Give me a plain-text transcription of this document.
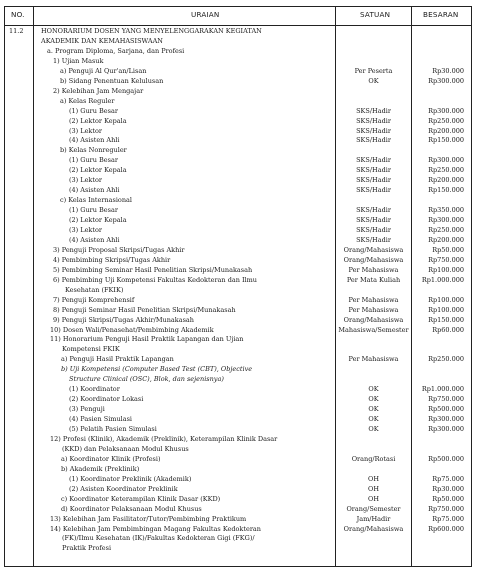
NO.	URAIAN	SATUAN	BESARAN
11.2	HONORARIUM DOSEN YANG MENYELENGGARAKAN KEGIATAN
AKADEMIK DAN KEMAHASISWAAN
a. Program Diploma, Sarjana, dan Profesi
1) Ujian Masuk
a) Penguji Al Qur'an/Lisan	Per Peserta	Rp30.000
b) Sidang Penentuan Kelulusan	OK	Rp300.000
2) Kelebihan Jam Mengajar
a) Kelas Reguler
(1) Guru Besar	SKS/Hadir	Rp300.000
(2) Lektor Kepala	SKS/Hadir	Rp250.000
(3) Lektor	SKS/Hadir	Rp200.000
(4) Asisten Ahli	SKS/Hadir	Rp150.000
b) Kelas Nonreguler
(1) Guru Besar	SKS/Hadir	Rp300.000
(2) Lektor Kepala	SKS/Hadir	Rp250.000
(3) Lektor	SKS/Hadir	Rp200.000
(4) Asisten Ahli	SKS/Hadir	Rp150.000
c) Kelas Internasional
(1) Guru Besar	SKS/Hadir	Rp350.000
(2) Lektor Kepala	SKS/Hadir	Rp300.000
(3) Lektor	SKS/Hadir	Rp250.000
(4) Asisten Ahli	SKS/Hadir	Rp200.000
3) Penguji Proposal Skripsi/Tugas Akhir	Orang/Mahasiswa	Rp50.000
4) Pembimbing Skripsi/Tugas Akhir	Orang/Mahasiswa	Rp750.000
5) Pembimbing Seminar Hasil Penelitian Skripsi/Munakasah	Per Mahasiswa	Rp100.000
6) Pembimbing Uji Kompetensi Fakultas Kedokteran dan Ilmu	Per Mata Kuliah	Rp1.000.000
Kesehatan (FKIK)
7) Penguji Komprehensif	Per Mahasiswa	Rp100.000
8) Penguji Seminar Hasil Penelitian Skripsi/Munakasah	Per Mahasiswa	Rp100.000
9) Penguji Skripsi/Tugas Akhir/Munakasah	Orang/Mahasiswa	Rp150.000
10) Dosen Wali/Penasehat/Pembimbing Akademik	Mahasiswa/Semester	Rp60.000
11) Honorarium Penguji Hasil Praktik Lapangan dan Ujian
Kompetensi FKIK
a) Penguji Hasil Praktik Lapangan	Per Mahasiswa	Rp250.000
b) Uji Kompetensi (Computer Based Test (CBT), Objective
Structure Clinical (OSC), Blok, dan sejenisnya)
(1) Koordinator	OK	Rp1.000.000
(2) Koordinator Lokasi	OK	Rp750.000
(3) Penguji	OK	Rp500.000
(4) Pasien Simulasi	OK	Rp300.000
(5) Pelatih Pasien Simulasi	OK	Rp300.000
12) Profesi (Klinik), Akademik (Preklinik), Keterampilan Klinik Dasar
(KKD) dan Pelaksanaan Modul Khusus
a) Koordinator Klinik (Profesi)	Orang/Rotasi	Rp500.000
b) Akademik (Preklinik)
(1) Koordinator Preklinik (Akademik)	OH	Rp75.000
(2) Asisten Koordinator Preklinik	OH	Rp30.000
c) Koordinator Keterampilan Klinik Dasar (KKD)	OH	Rp50.000
d) Koordinator Pelaksanaan Modul Khusus	Orang/Semester	Rp750.000
13) Kelebihan Jam Fasilitator/Tutor/Pembimbing Praktikum	Jam/Hadir	Rp75.000
14) Kelebihan Jam Pembimbingan Magang Fakultas Kedokteran	Orang/Mahasiswa	Rp600.000
(FK)/Ilmu Kesehatan (IK)/Fakultas Kedokteran Gigi (FKG)/
Praktik Profesi
